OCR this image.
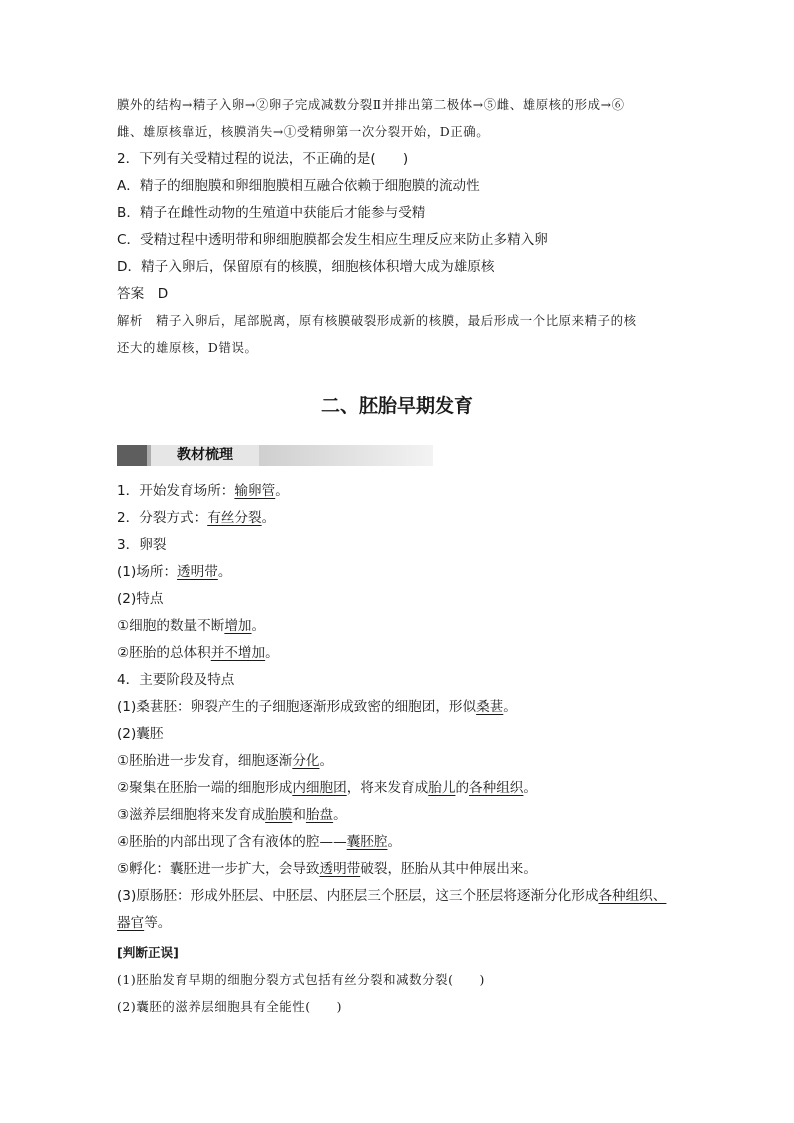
膜外的结构→精子入卵→②卵子完成减数分裂Ⅱ并排出第二极体→⑤雌、雄原核的形成→⑥
雌、雄原核靠近，核膜消失→①受精卵第一次分裂开始，D正确。
2．下列有关受精过程的说法，不正确的是(　　)
A．精子的细胞膜和卵细胞膜相互融合依赖于细胞膜的流动性
B．精子在雌性动物的生殖道中获能后才能参与受精
C．受精过程中透明带和卵细胞膜都会发生相应生理反应来防止多精入卵
D．精子入卵后，保留原有的核膜，细胞核体积增大成为雄原核
答案　D
解析　精子入卵后，尾部脱离，原有核膜破裂形成新的核膜，最后形成一个比原来精子的核
还大的雄原核，D错误。
二、胚胎早期发育
教材梳理
1．开始发育场所：输卵管。
2．分裂方式：有丝分裂。
3．卵裂
(1)场所：透明带。
(2)特点
①细胞的数量不断增加。
②胚胎的总体积并不增加。
4．主要阶段及特点
(1)桑葚胚：卵裂产生的子细胞逐渐形成致密的细胞团，形似桑葚。
(2)囊胚
①胚胎进一步发育，细胞逐渐分化。
②聚集在胚胎一端的细胞形成内细胞团，将来发育成胎儿的各种组织。
③滋养层细胞将来发育成胎膜和胎盘。
④胚胎的内部出现了含有液体的腔——囊胚腔。
⑤孵化：囊胚进一步扩大，会导致透明带破裂，胚胎从其中伸展出来。
(3)原肠胚：形成外胚层、中胚层、内胚层三个胚层，这三个胚层将逐渐分化形成各种组织、
器官等。
[判断正误]
(1)胚胎发育早期的细胞分裂方式包括有丝分裂和减数分裂(　　)
(2)囊胚的滋养层细胞具有全能性(　　)
